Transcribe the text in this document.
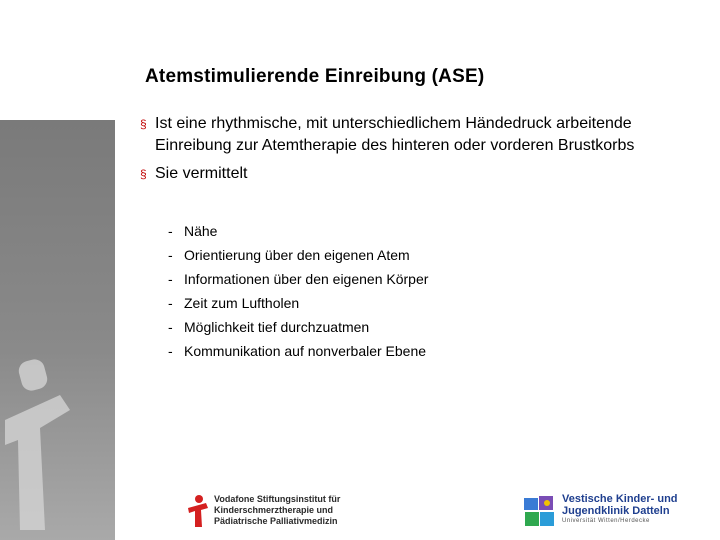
Atemstimulierende Einreibung (ASE)
§ Ist eine rhythmische, mit unterschiedlichem Händedruck arbeitende Einreibung zur Atemtherapie des hinteren oder vorderen Brustkorbs
§ Sie vermittelt
- Nähe
- Orientierung über den eigenen Atem
- Informationen über den eigenen Körper
- Zeit zum Luftholen
- Möglichkeit tief durchzuatmen
- Kommunikation auf nonverbaler Ebene
Vodafone Stiftungsinstitut für
Kinderschmerztherapie und
Pädiatrische Palliativmedizin
Vestische Kinder- und
Jugendklinik Datteln
Universität Witten/Herdecke
